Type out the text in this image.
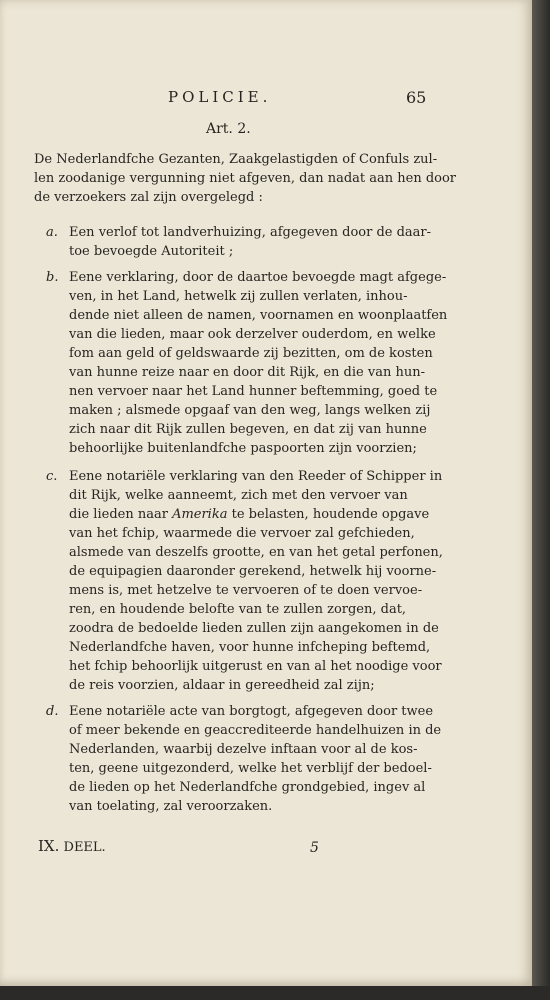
POLICIE.	65
Art. 2.
De Nederlandfche Gezanten, Zaakgelastigden of Confuls zul-
len zoodanige vergunning niet afgeven, dan nadat aan hen door
de verzoekers zal zijn overgelegd :
a. Een verlof tot landverhuizing, afgegeven door de daar-
toe bevoegde Autoriteit ;
b. Eene verklaring, door de daartoe bevoegde magt afgege-
ven, in het Land, hetwelk zij zullen verlaten, inhou-
dende niet alleen de namen, voornamen en woonplaatfen
van die lieden, maar ook derzelver ouderdom, en welke
fom aan geld of geldswaarde zij bezitten, om de kosten
van hunne reize naar en door dit Rijk, en die van hun-
nen vervoer naar het Land hunner beftemming, goed te
maken ; alsmede opgaaf van den weg, langs welken zij
zich naar dit Rijk zullen begeven, en dat zij van hunne
behoorlijke buitenlandfche paspoorten zijn voorzien;
c. Eene notariële verklaring van den Reeder of Schipper in
dit Rijk, welke aanneemt, zich met den vervoer van
die lieden naar Amerika te belasten, houdende opgave
van het fchip, waarmede die vervoer zal gefchieden,
alsmede van deszelfs grootte, en van het getal perfonen,
de equipagien daaronder gerekend, hetwelk hij voorne-
mens is, met hetzelve te vervoeren of te doen vervoe-
ren, en houdende belofte van te zullen zorgen, dat,
zoodra de bedoelde lieden zullen zijn aangekomen in de
Nederlandfche haven, voor hunne infcheping beftemd,
het fchip behoorlijk uitgerust en van al het noodige voor
de reis voorzien, aldaar in gereedheid zal zijn;
d. Eene notariële acte van borgtogt, afgegeven door twee
of meer bekende en geaccrediteerde handelhuizen in de
Nederlanden, waarbij dezelve inftaan voor al de kos-
ten, geene uitgezonderd, welke het verblijf der bedoel-
de lieden op het Nederlandfche grondgebied, ingev al
van toelating, zal veroorzaken.
IX. DEEL.	5
